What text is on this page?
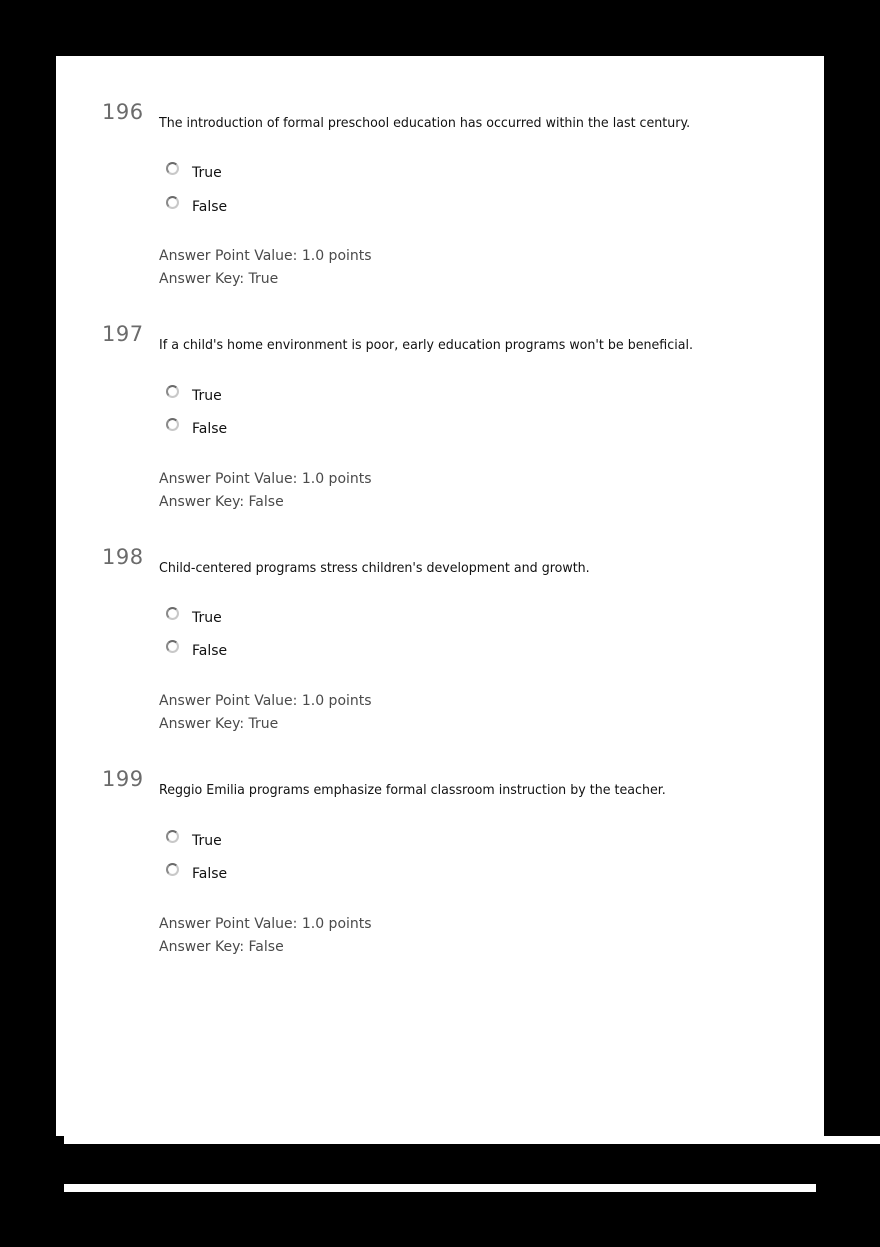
196 The introduction of formal preschool education has occurred within the last century.
True
False
Answer Point Value: 1.0 points
Answer Key: True
197 If a child's home environment is poor, early education programs won't be beneficial.
True
False
Answer Point Value: 1.0 points
Answer Key: False
198 Child-centered programs stress children's development and growth.
True
False
Answer Point Value: 1.0 points
Answer Key: True
199 Reggio Emilia programs emphasize formal classroom instruction by the teacher.
True
False
Answer Point Value: 1.0 points
Answer Key: False
